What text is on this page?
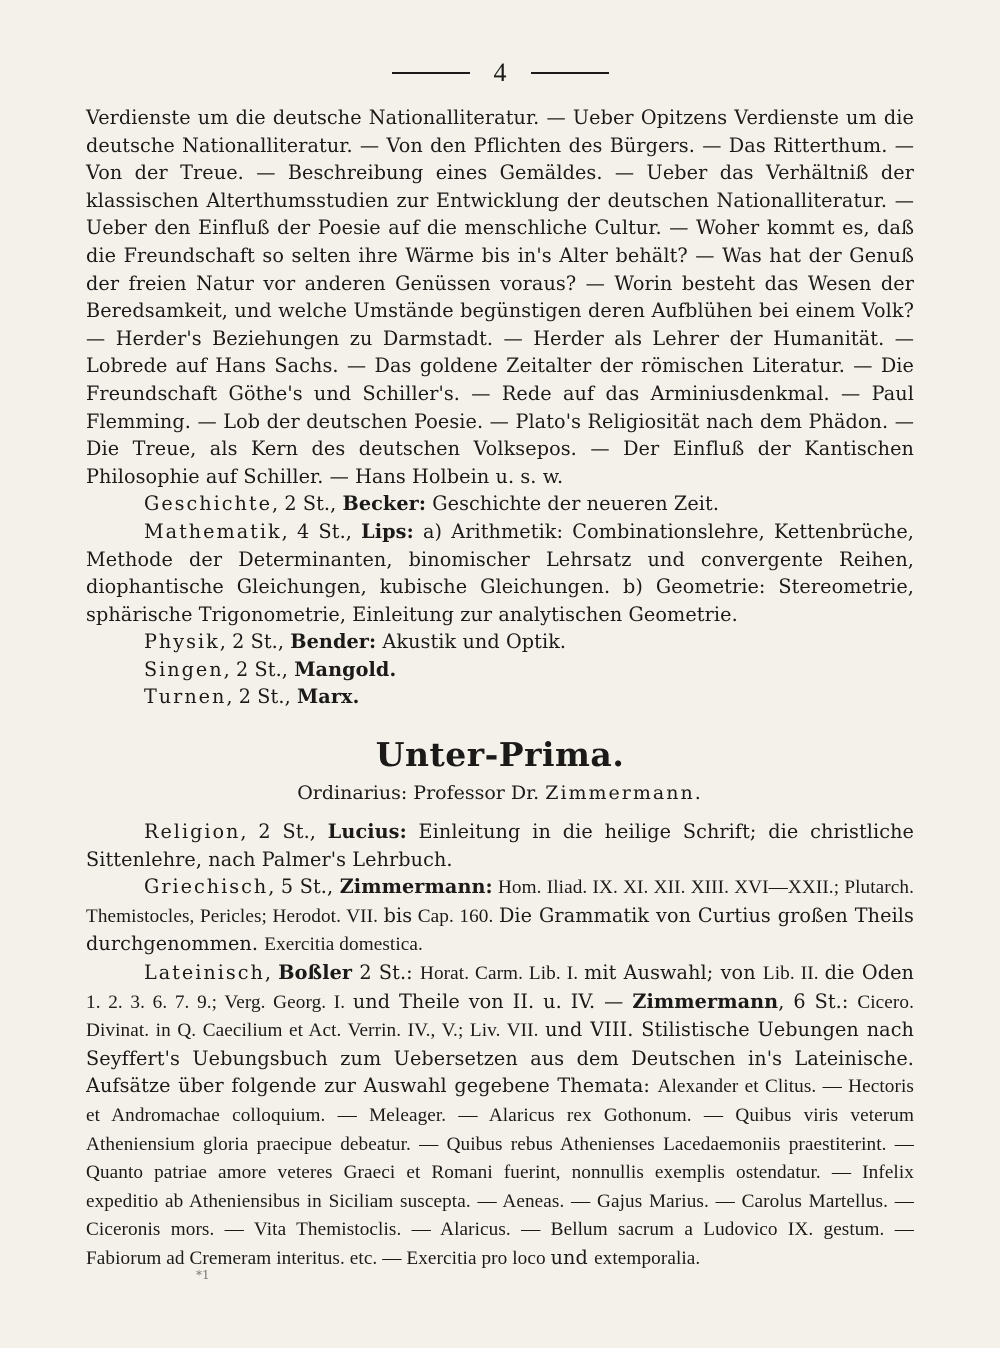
4

Verdienste um die deutsche Nationalliteratur. — Ueber Opitzens Verdienste um die deutsche Nationalliteratur. — Von den Pflichten des Bürgers. — Das Ritterthum. — Von der Treue. — Beschreibung eines Gemäldes. — Ueber das Verhältniß der klassischen Alterthumsstudien zur Entwicklung der deutschen Nationalliteratur. — Ueber den Einfluß der Poesie auf die menschliche Cultur. — Woher kommt es, daß die Freundschaft so selten ihre Wärme bis in's Alter behält? — Was hat der Genuß der freien Natur vor anderen Genüssen voraus? — Worin besteht das Wesen der Beredsamkeit, und welche Umstände begünstigen deren Aufblühen bei einem Volk? — Herder's Beziehungen zu Darmstadt. — Herder als Lehrer der Humanität. — Lobrede auf Hans Sachs. — Das goldene Zeitalter der römischen Literatur. — Die Freundschaft Göthe's und Schiller's. — Rede auf das Arminiusdenkmal. — Paul Flemming. — Lob der deutschen Poesie. — Plato's Religiosität nach dem Phädon. — Die Treue, als Kern des deutschen Volksepos. — Der Einfluß der Kantischen Philosophie auf Schiller. — Hans Holbein u. s. w.

Geschichte, 2 St., Becker: Geschichte der neueren Zeit.

Mathematik, 4 St., Lips: a) Arithmetik: Combinationslehre, Kettenbrüche, Methode der Determinanten, binomischer Lehrsatz und convergente Reihen, diophantische Gleichungen, kubische Gleichungen. b) Geometrie: Stereometrie, sphärische Trigonometrie, Einleitung zur analytischen Geometrie.

Physik, 2 St., Bender: Akustik und Optik.

Singen, 2 St., Mangold.

Turnen, 2 St., Marx.

Unter-Prima.
Ordinarius: Professor Dr. Zimmermann.

Religion, 2 St., Lucius: Einleitung in die heilige Schrift; die christliche Sittenlehre, nach Palmer's Lehrbuch.

Griechisch, 5 St., Zimmermann: Hom. Iliad. IX. XI. XII. XIII. XVI—XXII.; Plutarch. Themistocles, Pericles; Herodot. VII. bis Cap. 160. Die Grammatik von Curtius großen Theils durchgenommen. Exercitia domestica.

Lateinisch, Boßler 2 St.: Horat. Carm. Lib. I. mit Auswahl; von Lib. II. die Oden 1. 2. 3. 6. 7. 9.; Verg. Georg. I. und Theile von II. u. IV. — Zimmermann, 6 St.: Cicero. Divinat. in Q. Caecilium et Act. Verrin. IV., V.; Liv. VII. und VIII. Stilistische Uebungen nach Seyffert's Uebungsbuch zum Uebersetzen aus dem Deutschen in's Lateinische. Aufsätze über folgende zur Auswahl gegebene Themata: Alexander et Clitus. — Hectoris et Andromachae colloquium. — Meleager. — Alaricus rex Gothonum. — Quibus viris veterum Atheniensium gloria praecipue debeatur. — Quibus rebus Athenienses Lacedaemoniis praestiterint. — Quanto patriae amore veteres Graeci et Romani fuerint, nonnullis exemplis ostendatur. — Infelix expeditio ab Atheniensibus in Siciliam suscepta. — Aeneas. — Gajus Marius. — Carolus Martellus. — Ciceronis mors. — Vita Themistoclis. — Alaricus. — Bellum sacrum a Ludovico IX. gestum. — Fabiorum ad Cremeram interitus. etc. — Exercitia pro loco und extemporalia.

*1
